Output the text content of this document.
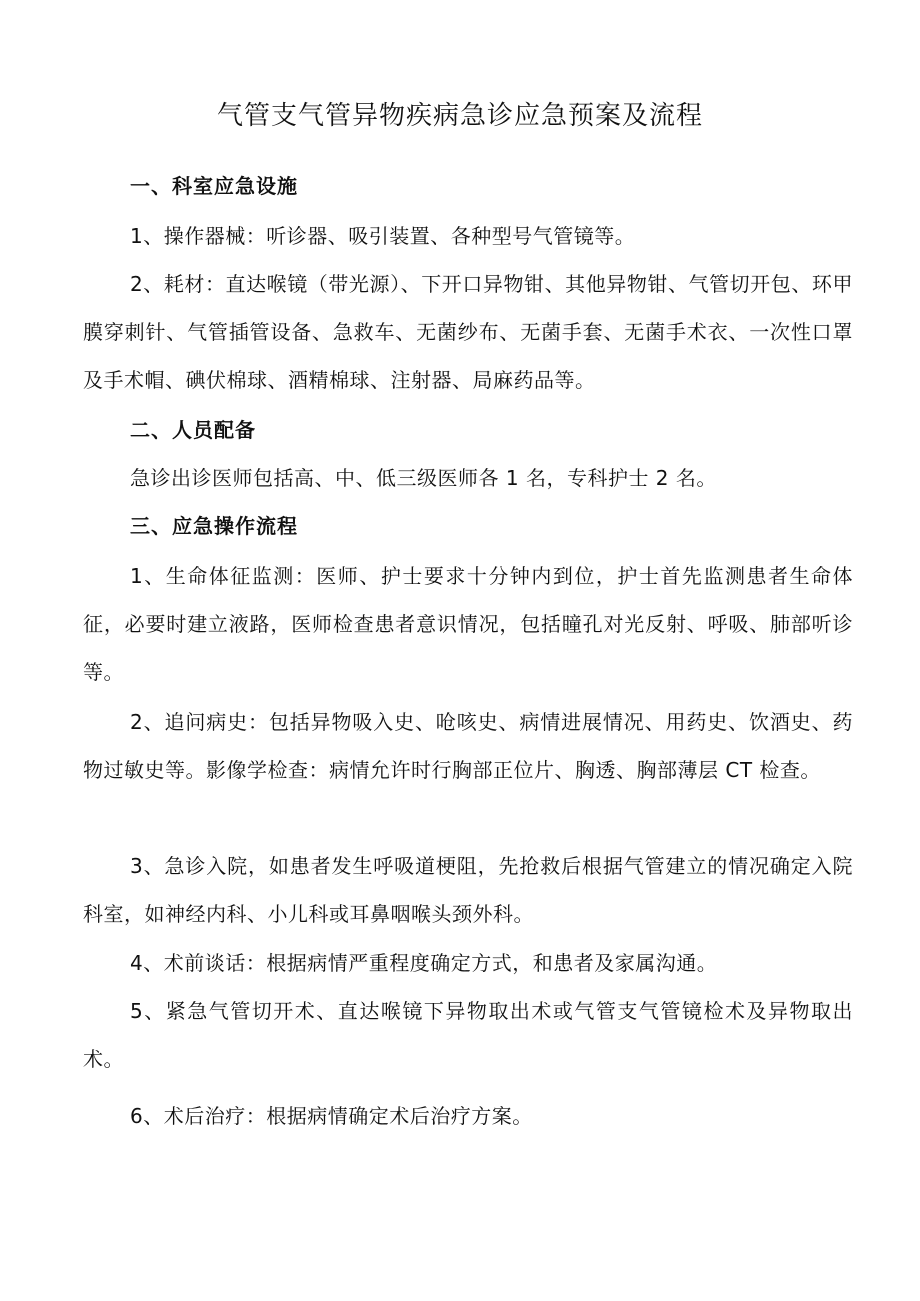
气管支气管异物疾病急诊应急预案及流程
一、科室应急设施
1、操作器械：听诊器、吸引装置、各种型号气管镜等。
2、耗材：直达喉镜（带光源）、下开口异物钳、其他异物钳、气管切开包、环甲膜穿刺针、气管插管设备、急救车、无菌纱布、无菌手套、无菌手术衣、一次性口罩及手术帽、碘伏棉球、酒精棉球、注射器、局麻药品等。
二、人员配备
急诊出诊医师包括高、中、低三级医师各 1 名，专科护士 2 名。
三、应急操作流程
1、生命体征监测：医师、护士要求十分钟内到位，护士首先监测患者生命体征，必要时建立液路，医师检查患者意识情况，包括瞳孔对光反射、呼吸、肺部听诊等。
2、追问病史：包括异物吸入史、呛咳史、病情进展情况、用药史、饮酒史、药物过敏史等。影像学检查：病情允许时行胸部正位片、胸透、胸部薄层 CT 检查。
3、急诊入院，如患者发生呼吸道梗阻，先抢救后根据气管建立的情况确定入院科室，如神经内科、小儿科或耳鼻咽喉头颈外科。
4、术前谈话：根据病情严重程度确定方式，和患者及家属沟通。
5、紧急气管切开术、直达喉镜下异物取出术或气管支气管镜检术及异物取出术。
6、术后治疗：根据病情确定术后治疗方案。
